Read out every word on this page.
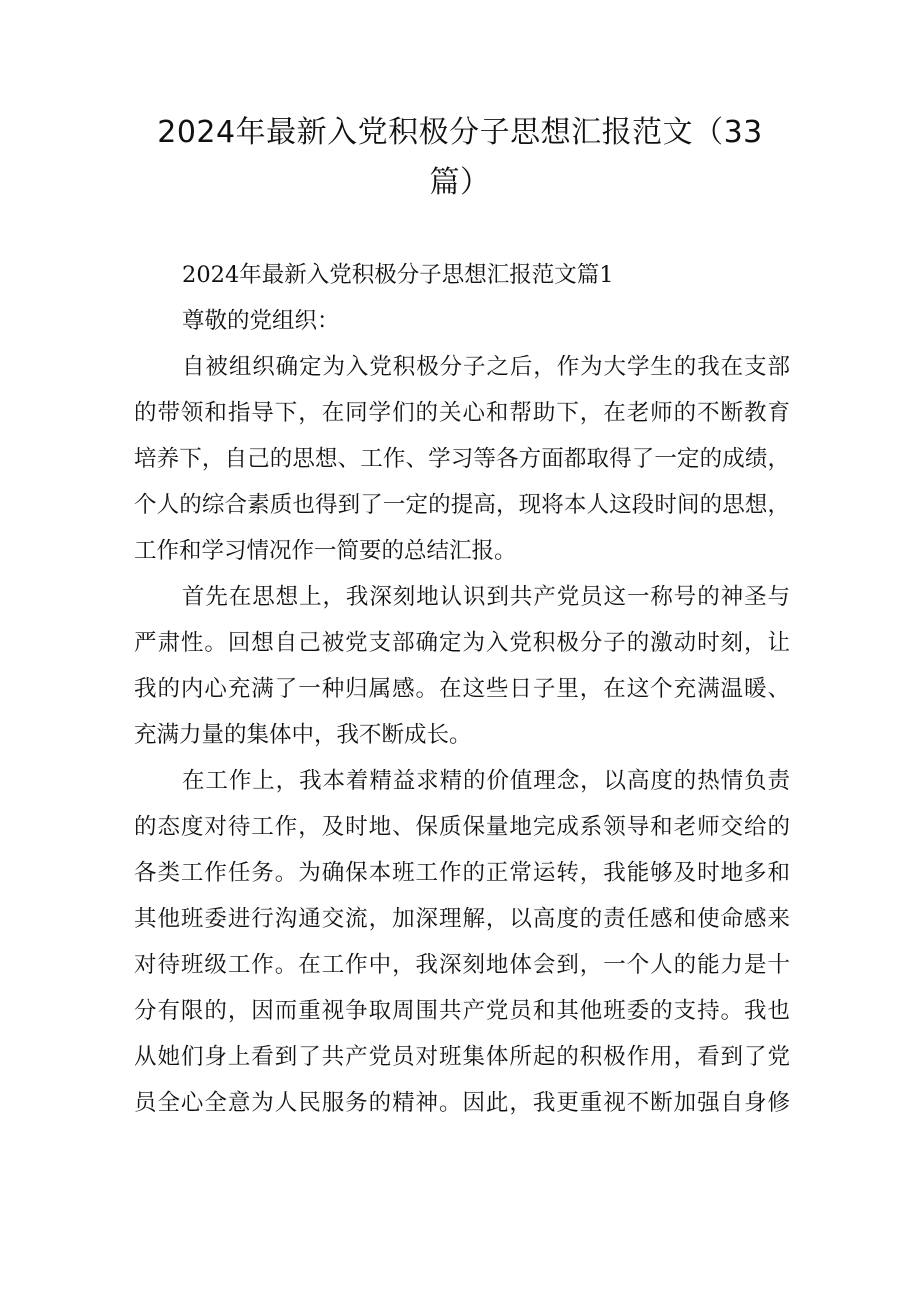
2024年最新入党积极分子思想汇报范文（33
篇）

2024年最新入党积极分子思想汇报范文篇1

尊敬的党组织：

自被组织确定为入党积极分子之后，作为大学生的我在支部
的带领和指导下，在同学们的关心和帮助下，在老师的不断教育
培养下，自己的思想、工作、学习等各方面都取得了一定的成绩，
个人的综合素质也得到了一定的提高，现将本人这段时间的思想，
工作和学习情况作一简要的总结汇报。
首先在思想上，我深刻地认识到共产党员这一称号的神圣与
严肃性。回想自己被党支部确定为入党积极分子的激动时刻，让
我的内心充满了一种归属感。在这些日子里，在这个充满温暖、
充满力量的集体中，我不断成长。
在工作上，我本着精益求精的价值理念，以高度的热情负责
的态度对待工作，及时地、保质保量地完成系领导和老师交给的
各类工作任务。为确保本班工作的正常运转，我能够及时地多和
其他班委进行沟通交流，加深理解，以高度的责任感和使命感来
对待班级工作。在工作中，我深刻地体会到，一个人的能力是十
分有限的，因而重视争取周围共产党员和其他班委的支持。我也
从她们身上看到了共产党员对班集体所起的积极作用，看到了党
员全心全意为人民服务的精神。因此，我更重视不断加强自身修
